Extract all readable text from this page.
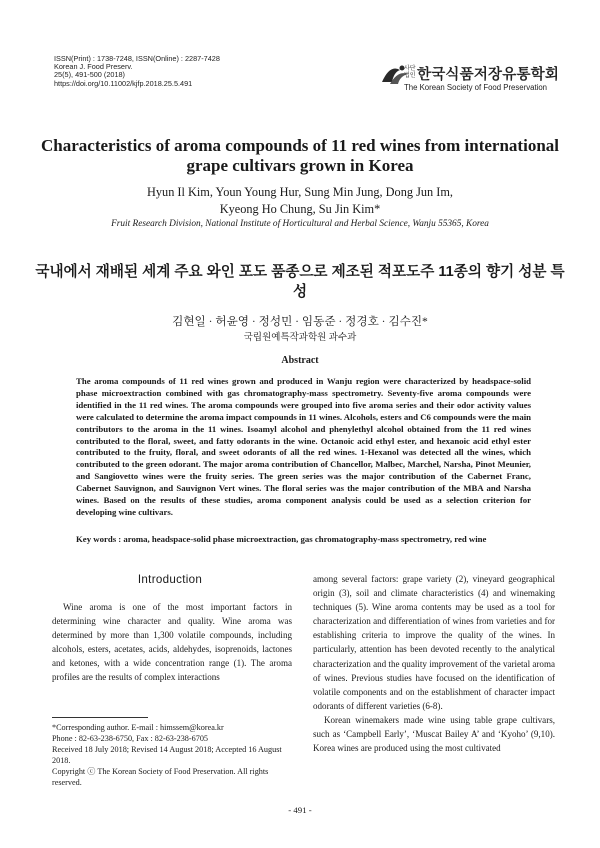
ISSN(Print) : 1738-7248, ISSN(Online) : 2287-7428
Korean J. Food Preserv.
25(5), 491-500 (2018)
https://doi.org/10.11002/kjfp.2018.25.5.491
사단
법인 한국식품저장유통학회
The Korean Society of Food Preservation
Characteristics of aroma compounds of 11 red wines from international grape cultivars grown in Korea
Hyun Il Kim, Youn Young Hur, Sung Min Jung, Dong Jun Im,
Kyeong Ho Chung, Su Jin Kim*
Fruit Research Division, National Institute of Horticultural and Herbal Science, Wanju 55365, Korea
국내에서 재배된 세계 주요 와인 포도 품종으로 제조된 적포도주 11종의 향기 성분 특성
김현일 · 허윤영 · 정성민 · 임동준 · 정경호 · 김수진*
국립원예특작과학원 과수과
Abstract
The aroma compounds of 11 red wines grown and produced in Wanju region were characterized by headspace-solid phase microextraction combined with gas chromatography-mass spectrometry. Seventy-five aroma compounds were identified in the 11 red wines. The aroma compounds were grouped into five aroma series and their odor activity values were calculated to determine the aroma impact compounds in 11 wines. Alcohols, esters and C6 compounds were the main contributors to the aroma in the 11 wines. Isoamyl alcohol and phenylethyl alcohol obtained from the 11 red wines contributed to the floral, sweet, and fatty odorants in the wine. Octanoic acid ethyl ester, and hexanoic acid ethyl ester contributed to the fruity, floral, and sweet odorants of all the red wines. 1-Hexanol was detected all the wines, which contributed to the green odorant. The major aroma contribution of Chancellor, Malbec, Marchel, Narsha, Pinot Meunier, and Sangiovetto wines were the fruity series. The green series was the major contribution of the Cabernet Franc, Cabernet Sauvignon, and Sauvignon Vert wines. The floral series was the major contribution of the MBA and Narsha wines. Based on the results of these studies, aroma component analysis could be used as a selection criterion for developing wine cultivars.
Key words : aroma, headspace-solid phase microextraction, gas chromatography-mass spectrometry, red wine
Introduction

Wine aroma is one of the most important factors in determining wine character and quality. Wine aroma was determined by more than 1,300 volatile compounds, including alcohols, esters, acetates, acids, aldehydes, isoprenoids, lactones and ketones, with a wide concentration range (1). The aroma profiles are the results of complex interactions

*Corresponding author. E-mail : himssem@korea.kr
Phone : 82-63-238-6750, Fax : 82-63-238-6705
Received 18 July 2018; Revised 14 August 2018; Accepted 16 August 2018.
Copyright ⓒ The Korean Society of Food Preservation. All rights reserved.

among several factors: grape variety (2), vineyard geographical origin (3), soil and climate characteristics (4) and winemaking techniques (5). Wine aroma contents may be used as a tool for characterization and differentiation of wines from varieties and for establishing criteria to improve the quality of the wines. In particularly, attention has been devoted recently to the analytical characterization and the quality improvement of the varietal aroma of wines. Previous studies have focused on the identification of volatile components and on the establishment of character impact odorants of different varieties (6-8).

Korean winemakers made wine using table grape cultivars, such as ‘Campbell Early’, ‘Muscat Bailey A’ and ‘Kyoho’ (9,10). Korea wines are produced using the most cultivated

- 491 -
